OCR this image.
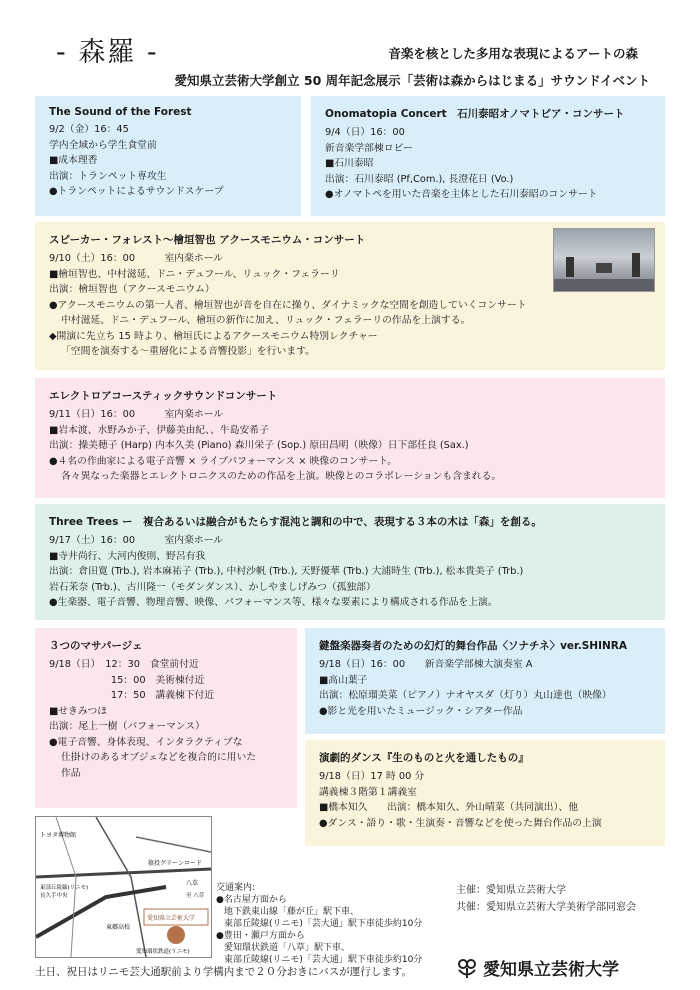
- 森羅 -	音楽を核とした多用な表現によるアートの森
愛知県立芸術大学創立 50 周年記念展示「芸術は森からはじまる」サウンドイベント
The Sound of the Forest
9/2（金）16：45
学内全域から学生食堂前
■成本理香
出演：トランペット専攻生
●トランペットによるサウンドスケープ
Onomatopia Concert　石川泰昭オノマトピア・コンサート
9/4（日）16：00
新音楽学部棟ロビー
■石川泰昭
出演：石川泰昭 (Pf,Com.), 長澄花日 (Vo.)
●オノマトペを用いた音楽を主体とした石川泰昭のコンサート
スピーカー・フォレスト〜檜垣智也 アクースモニウム・コンサート
9/10（土）16：00　　　室内楽ホール
■檜垣智也、中村滋延、ドニ・デュフール、リュック・フェラーリ
出演：檜垣智也（アクースモニウム）
●アクースモニウムの第一人者、檜垣智也が音を自在に操り、ダイナミックな空間を創造していくコンサート
中村滋延、ドニ・デュフール、檜垣の新作に加え、リュック・フェラーリの作品を上演する。
◆開演に先立ち 15 時より、檜垣氏によるアクースモニウム特別レクチャー
「空間を演奏する〜重層化による音響投影」を行います。
エレクトロアコースティックサウンドコンサート
9/11（日）16：00　　　室内楽ホール
■岩本渡、水野みか子、伊藤美由紀、、牛島安希子
出演：操美穂子 (Harp) 内本久美 (Piano) 森川栄子 (Sop.) 原田昌明（映像）日下部任良 (Sax.)
●４名の作曲家による電子音響 × ライブパフォーマンス × 映像のコンサート。
各々異なった楽器とエレクトロニクスのための作品を上演。映像とのコラボレーションも含まれる。
Three Trees ー　複合あるいは融合がもたらす混沌と調和の中で、表現する３本の木は「森」を創る。
9/17（土）16：00　　　室内楽ホール
■寺井尚行、大河内俊則、野呂有我
出演：倉田寛 (Trb.), 岩本麻祐子 (Trb.), 中村沙帆 (Trb.), 天野優華 (Trb.) 大浦時生 (Trb.), 松本貴美子 (Trb.)
岩石茉奈 (Trb.)、古川隆一（モダンダンス）、かしやましげみつ（孤独部）
●生楽器、電子音響、物理音響、映像、パフォーマンス等、様々な要素により構成される作品を上演。
３つのマサパージェ
9/18（日）　12：30　食堂前付近
　　　　　　 15：00　美術棟付近
　　　　　　 17：50　講義棟下付近
■せきみつほ
出演：尾上一樹（パフォーマンス）
●電子音響、身体表現、インタラクティブな
仕掛けのあるオブジェなどを複合的に用いた
作品
鍵盤楽器奏者のための幻灯的舞台作品〈ソナチネ〉ver.SHINRA
9/18（日）16：00　　新音楽学部棟大演奏室 A
■高山葉子
出演：松原瑠美菜（ピアノ）ナオヤスダ（灯り）丸山達也（映像）
●影と光を用いたミュージック・シアター作品
演劇的ダンス『生のものと火を通したもの』
9/18（日）17 時 00 分
講義棟３階第１講義室
■橋本知久　　出演：橋本知久、外山晴菜（共同演出）、他
●ダンス・語り・歌・生演奏・音響などを使った舞台作品の上演
トヨタ博物館
猿投グリーンロード
八草
東部丘陵線(リニモ)
長久手中央
愛知県立芸術大学
東郷高校
愛知環状鉄道(リニモ)
至 八草
交通案内:
●名古屋方面から
地下鉄東山線「藤が丘」駅下車、
東部丘陵線(リニモ)「芸大通」駅下車徒歩約10分
●豊田・瀬戸方面から
愛知環状鉄道「八草」駅下車、
東部丘陵線(リニモ)「芸大通」駅下車徒歩約10分
主催：愛知県立芸術大学
共催：愛知県立芸術大学美術学部同窓会
土日、祝日はリニモ芸大通駅前より学構内まで２０分おきにバスが運行します。	愛知県立芸術大学
